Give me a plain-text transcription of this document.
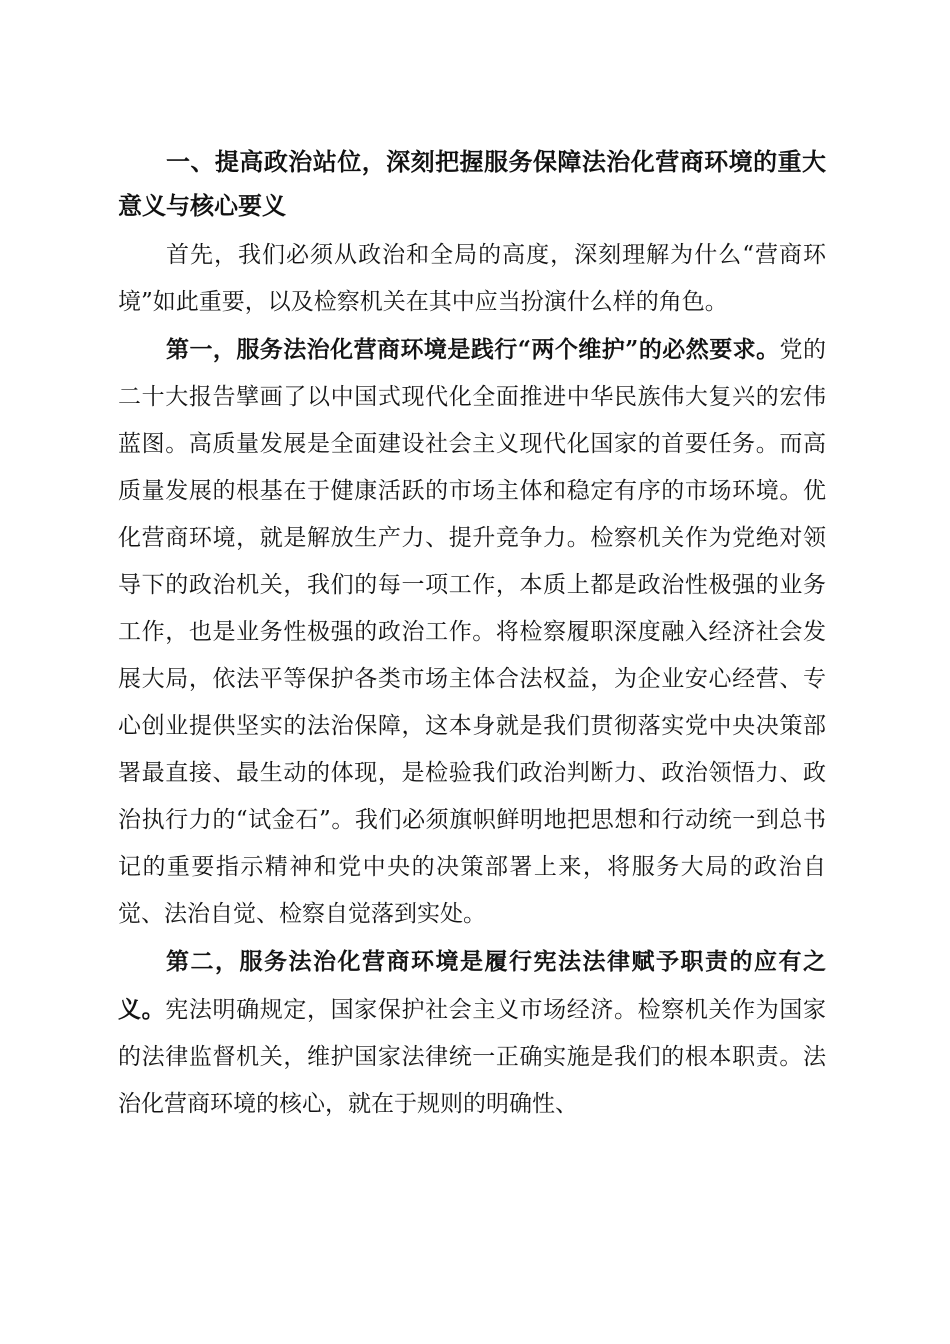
一、提高政治站位，深刻把握服务保障法治化营商环境的重大意义与核心要义

首先，我们必须从政治和全局的高度，深刻理解为什么“营商环境”如此重要，以及检察机关在其中应当扮演什么样的角色。

第一，服务法治化营商环境是践行“两个维护”的必然要求。党的二十大报告擘画了以中国式现代化全面推进中华民族伟大复兴的宏伟蓝图。高质量发展是全面建设社会主义现代化国家的首要任务。而高质量发展的根基在于健康活跃的市场主体和稳定有序的市场环境。优化营商环境，就是解放生产力、提升竞争力。检察机关作为党绝对领导下的政治机关，我们的每一项工作，本质上都是政治性极强的业务工作，也是业务性极强的政治工作。将检察履职深度融入经济社会发展大局，依法平等保护各类市场主体合法权益，为企业安心经营、专心创业提供坚实的法治保障，这本身就是我们贯彻落实党中央决策部署最直接、最生动的体现，是检验我们政治判断力、政治领悟力、政治执行力的“试金石”。我们必须旗帜鲜明地把思想和行动统一到总书记的重要指示精神和党中央的决策部署上来，将服务大局的政治自觉、法治自觉、检察自觉落到实处。

第二，服务法治化营商环境是履行宪法法律赋予职责的应有之义。宪法明确规定，国家保护社会主义市场经济。检察机关作为国家的法律监督机关，维护国家法律统一正确实施是我们的根本职责。法治化营商环境的核心，就在于规则的明确性、
